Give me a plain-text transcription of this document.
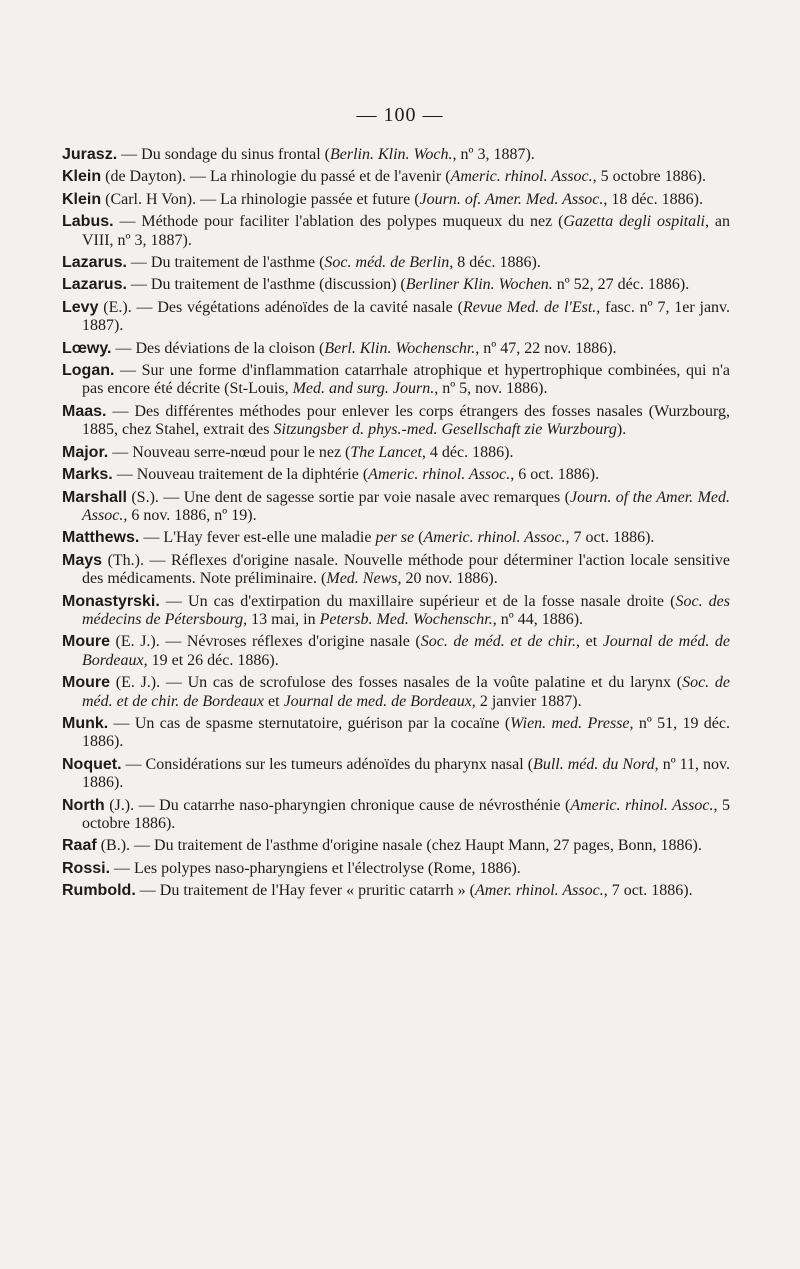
— 100 —
Jurasz. — Du sondage du sinus frontal (Berlin. Klin. Woch., nº 3, 1887).
Klein (de Dayton). — La rhinologie du passé et de l'avenir (Americ. rhinol. Assoc., 5 octobre 1886).
Klein (Carl. H Von). — La rhinologie passée et future (Journ. of. Amer. Med. Assoc., 18 déc. 1886).
Labus. — Méthode pour faciliter l'ablation des polypes muqueux du nez (Gazetta degli ospitali, an VIII, nº 3, 1887).
Lazarus. — Du traitement de l'asthme (Soc. méd. de Berlin, 8 déc. 1886).
Lazarus. — Du traitement de l'asthme (discussion) (Berliner Klin. Wochen. nº 52, 27 déc. 1886).
Levy (E.). — Des végétations adénoïdes de la cavité nasale (Revue Med. de l'Est., fasc. nº 7, 1er janv. 1887).
Lœwy. — Des déviations de la cloison (Berl. Klin. Wochenschr., nº 47, 22 nov. 1886).
Logan. — Sur une forme d'inflammation catarrhale atrophique et hypertrophique combinées, qui n'a pas encore été décrite (St-Louis, Med. and surg. Journ., nº 5, nov. 1886).
Maas. — Des différentes méthodes pour enlever les corps étrangers des fosses nasales (Wurzbourg, 1885, chez Stahel, extrait des Sitzungsber d. phys.-med. Gesellschaft zie Wurzbourg).
Major. — Nouveau serre-nœud pour le nez (The Lancet, 4 déc. 1886).
Marks. — Nouveau traitement de la diphtérie (Americ. rhinol. Assoc., 6 oct. 1886).
Marshall (S.). — Une dent de sagesse sortie par voie nasale avec remarques (Journ. of the Amer. Med. Assoc., 6 nov. 1886, nº 19).
Matthews. — L'Hay fever est-elle une maladie per se (Americ. rhinol. Assoc., 7 oct. 1886).
Mays (Th.). — Réflexes d'origine nasale. Nouvelle méthode pour déterminer l'action locale sensitive des médicaments. Note préliminaire. (Med. News, 20 nov. 1886).
Monastyrski. — Un cas d'extirpation du maxillaire supérieur et de la fosse nasale droite (Soc. des médecins de Pétersbourg, 13 mai, in Petersb. Med. Wochenschr., nº 44, 1886).
Moure (E. J.). — Névroses réflexes d'origine nasale (Soc. de méd. et de chir., et Journal de méd. de Bordeaux, 19 et 26 déc. 1886).
Moure (E. J.). — Un cas de scrofulose des fosses nasales de la voûte palatine et du larynx (Soc. de méd. et de chir. de Bordeaux et Journal de med. de Bordeaux, 2 janvier 1887).
Munk. — Un cas de spasme sternutatoire, guérison par la cocaïne (Wien. med. Presse, nº 51, 19 déc. 1886).
Noquet. — Considérations sur les tumeurs adénoïdes du pharynx nasal (Bull. méd. du Nord, nº 11, nov. 1886).
North (J.). — Du catarrhe naso-pharyngien chronique cause de névrosthénie (Americ. rhinol. Assoc., 5 octobre 1886).
Raaf (B.). — Du traitement de l'asthme d'origine nasale (chez Haupt Mann, 27 pages, Bonn, 1886).
Rossi. — Les polypes naso-pharyngiens et l'électrolyse (Rome, 1886).
Rumbold. — Du traitement de l'Hay fever « pruritic catarrh » (Amer. rhinol. Assoc., 7 oct. 1886).
